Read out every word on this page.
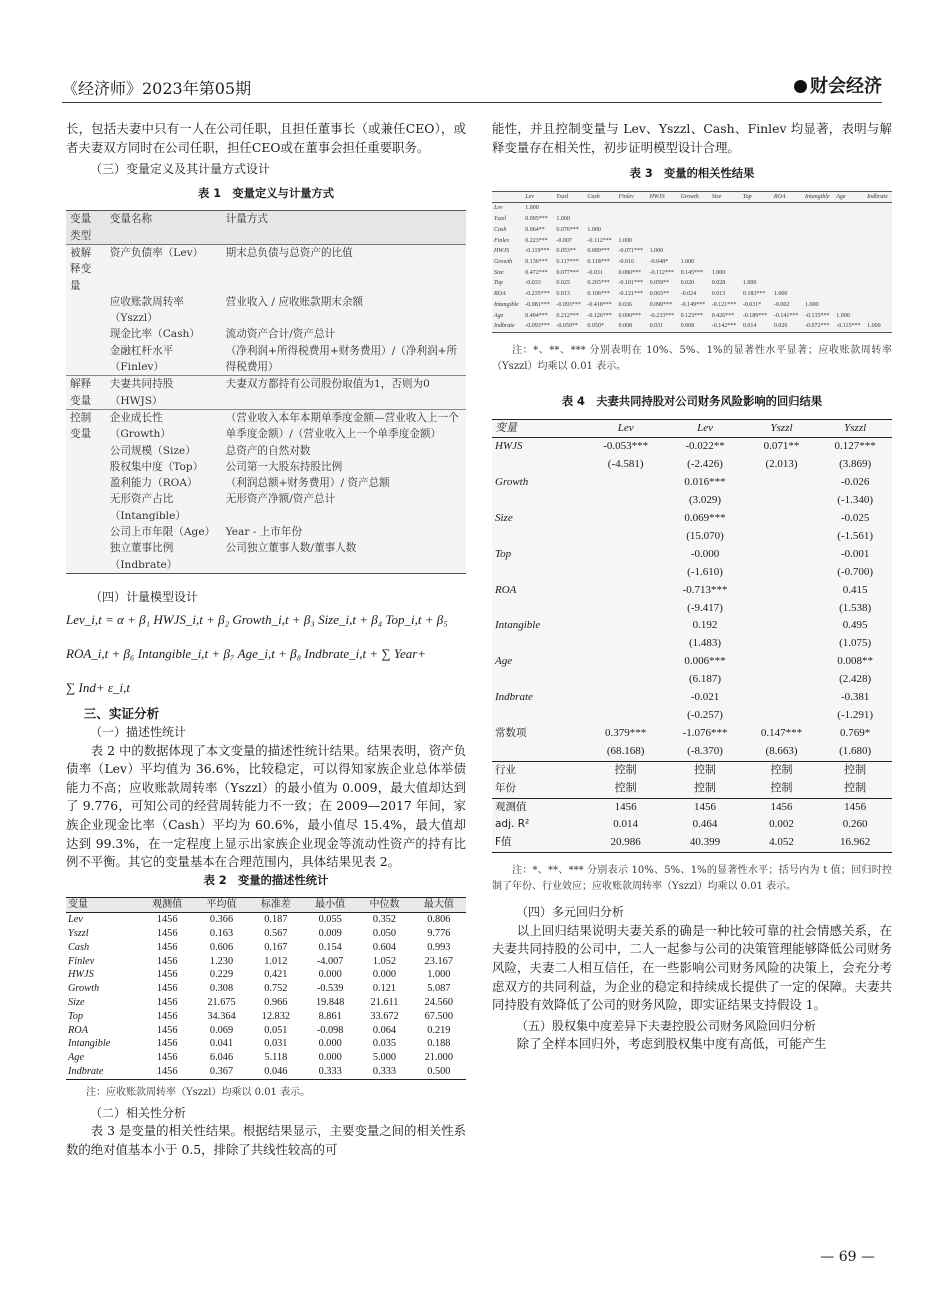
《经济师》2023年第05期	财会经济

长，包括夫妻中只有一人在公司任职，且担任董事长（或兼任CEO），或者夫妻双方同时在公司任职，担任CEO或在董事会担任重要职务。

（三）变量定义及其计量方式设计

表 1　变量定义与计量方式

变量类型	变量名称	计量方式
被解释变量	资产负债率（Lev）	期末总负债与总资产的比值
	应收账款周转率（Yszzl）	营业收入 / 应收账款期末余额
	现金比率（Cash）	流动资产合计/资产总计
	金融杠杆水平（Finlev）	（净利润+所得税费用+财务费用）/（净利润+所得税费用）
解释变量	夫妻共同持股（HWJS）	夫妻双方都持有公司股份取值为1，否则为0
控制变量	企业成长性（Growth）	（营业收入本年本期单季度金额—营业收入上一个单季度金额）/（营业收入上一个单季度金额）
	公司规模（Size）	总资产的自然对数
	股权集中度（Top）	公司第一大股东持股比例
	盈利能力（ROA）	（利润总额+财务费用）/ 资产总额
	无形资产占比（Intangible）	无形资产净额/资产总计
	公司上市年限（Age）	Year - 上市年份
	独立董事比例（Indbrate）	公司独立董事人数/董事人数

（四）计量模型设计

Lev_i,t = α + β₁ HWJS_i,t + β₂ Growth_i,t + β₃ Size_i,t + β₄ Top_i,t + β₅
ROA_i,t + β₆ Intangible_i,t + β₇ Age_i,t + β₈ Indbrate_i,t + ∑ Year+
∑ Ind+ ε_i,t

三、实证分析

（一）描述性统计

表 2 中的数据体现了本文变量的描述性统计结果。结果表明，资产负债率（Lev）平均值为 36.6%，比较稳定，可以得知家族企业总体举债能力不高；应收账款周转率（Yszzl）的最小值为 0.009，最大值却达到了 9.776，可知公司的经营周转能力不一致；在 2009—2017 年间，家族企业现金比率（Cash）平均为 60.6%，最小值尽 15.4%，最大值却达到 99.3%，在一定程度上显示出家族企业现金等流动性资产的持有比例不平衡。其它的变量基本在合理范围内，具体结果见表 2。

表 2　变量的描述性统计

变量	观测值	平均值	标准差	最小值	中位数	最大值
Lev	1456	0.366	0.187	0.055	0.352	0.806
Yszzl	1456	0.163	0.567	0.009	0.050	9.776
Cash	1456	0.606	0.167	0.154	0.604	0.993
Finlev	1456	1.230	1.012	-4.007	1.052	23.167
HWJS	1456	0.229	0.421	0.000	0.000	1.000
Growth	1456	0.308	0.752	-0.539	0.121	5.087
Size	1456	21.675	0.966	19.848	21.611	24.560
Top	1456	34.364	12.832	8.861	33.672	67.500
ROA	1456	0.069	0.051	-0.098	0.064	0.219
Intangible	1456	0.041	0.031	0.000	0.035	0.188
Age	1456	6.046	5.118	0.000	5.000	21.000
Indbrate	1456	0.367	0.046	0.333	0.333	0.500

注：应收账款周转率（Yszzl）均乘以 0.01 表示。

（二）相关性分析

表 3 是变量的相关性结果。根据结果显示，主要变量之间的相关性系数的绝对值基本小于 0.5，排除了共线性较高的可

能性，并且控制变量与 Lev、Yszzl、Cash、Finlev 均显著，表明与解释变量存在相关性，初步证明模型设计合理。

表 3　变量的相关性结果

	Lev	Yszzl	Cash	Finlev	HWJS	Growth	Size	Top	ROA	Intangible	Age	Indbrate
Lev	1.000											
Yszzl	0.095***	1.000										
Cash	0.064**	0.076***	1.000									
Finlev	0.223***	-0.007	-0.112***	1.000								
HWJS	-0.119***	0.053**	0.089***	-0.071***	1.000							
Growth	0.136***	0.117***	0.118***	-0.016	-0.048*	1.000						
Size	0.472***	0.077***	-0.031	0.080***	-0.112***	0.145***	1.000					
Top	-0.033	0.025	0.265***	-0.101***	0.059**	0.020	0.028	1.000				
ROA	-0.235***	0.013	0.106***	-0.121***	0.065**	-0.024	0.013	0.183***	1.000			
Intangible	-0.081***	-0.093***	-0.418***	0.036	0.090***	-0.149***	-0.121***	-0.031*	-0.002	1.000		
Age	0.404***	0.212***	-0.126***	0.090***	-0.233***	0.123***	0.426***	-0.189***	-0.141***	-0.135***	1.000	
Indbrate	-0.093***	-0.059**	0.050*	0.008	0.031	0.008	-0.142***	0.014	0.026	-0.072***	-0.115***	1.000

注：*、**、*** 分别表明在 10%、5%、1%的显著性水平显著；应收账款周转率（Yszzl）均乘以 0.01 表示。

表 4　夫妻共同持股对公司财务风险影响的回归结果

变量	Lev	Lev	Yszzl	Yszzl
HWJS	-0.053***	-0.022**	0.071**	0.127***
	(-4.581)	(-2.426)	(2.013)	(3.869)
Growth		0.016***		-0.026
		(3.029)		(-1.340)
Size		0.069***		-0.025
		(15.070)		(-1.561)
Top		-0.000		-0.001
		(-1.610)		(-0.700)
ROA		-0.713***		0.415
		(-9.417)		(1.538)
Intangible		0.192		0.495
		(1.483)		(1.075)
Age		0.006***		0.008**
		(6.187)		(2.428)
Indbrate		-0.021		-0.381
		(-0.257)		(-1.291)
常数项	0.379***	-1.076***	0.147***	0.769*
	(68.168)	(-8.370)	(8.663)	(1.680)
行业	控制	控制	控制	控制
年份	控制	控制	控制	控制
观测值	1456	1456	1456	1456
adj. R²	0.014	0.464	0.002	0.260
F值	20.986	40.399	4.052	16.962

注：*、**、*** 分别表示 10%、5%、1%的显著性水平；括号内为 t 值；回归时控制了年份、行业效应；应收账款周转率（Yszzl）均乘以 0.01 表示。

（四）多元回归分析

以上回归结果说明夫妻关系的确是一种比较可靠的社会情感关系，在夫妻共同持股的公司中，二人一起参与公司的决策管理能够降低公司财务风险，夫妻二人相互信任，在一些影响公司财务风险的决策上，会充分考虑双方的共同利益，为企业的稳定和持续成长提供了一定的保障。夫妻共同持股有效降低了公司的财务风险，即实证结果支持假设 1。

（五）股权集中度差异下夫妻控股公司财务风险回归分析

除了全样本回归外，考虑到股权集中度有高低，可能产生

— 69 —
